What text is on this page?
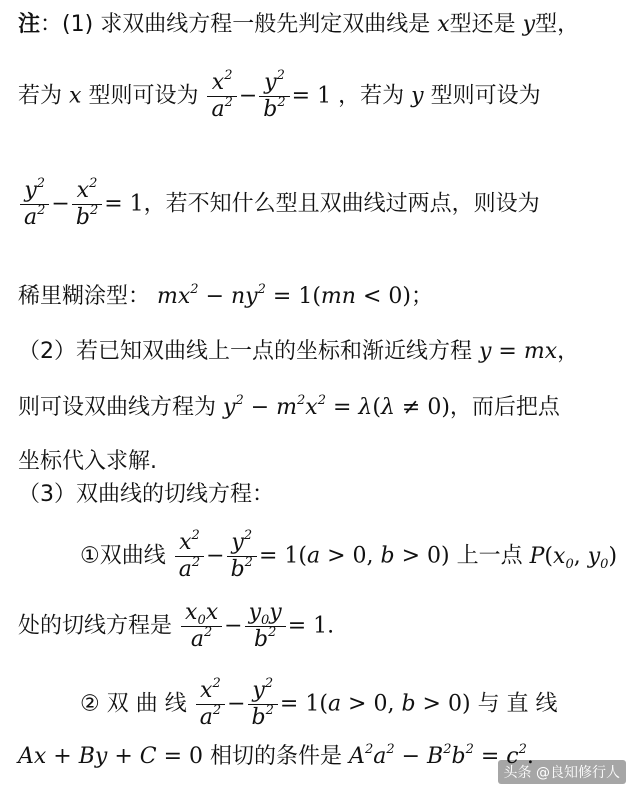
注：(1) 求双曲线方程一般先判定双曲线是 x型还是 y型，
若为 x 型则可设为 $\frac{x^2}{a^2} - \frac{y^2}{b^2} = 1$ ，若为 y 型则可设为
$\frac{y^2}{a^2} - \frac{x^2}{b^2} = 1$，若不知什么型且双曲线过两点，则设为
稀里糊涂型： $mx^2 - ny^2 = 1(mn < 0)$；
（2）若已知双曲线上一点的坐标和渐近线方程 y = mx，
则可设双曲线方程为 $y^2 - m^2x^2 = \lambda(\lambda \ne 0)$，而后把点
坐标代入求解.
（3）双曲线的切线方程：
①双曲线 $\frac{x^2}{a^2} - \frac{y^2}{b^2} = 1(a > 0$, b > 0) 上一点 $P(x_0$, $y_0$)
处的切线方程是 $\frac{x_0x}{a^2} - \frac{y_0y}{b^2} = 1$.
② 双 曲 线 $\frac{x^2}{a^2} - \frac{y^2}{b^2} = 1(a > 0$, b > 0) 与 直 线
Ax + By + C = 0 相切的条件是 $A^2a^2 - B^2b^2 = c^2$.
头条 @良知修行人
